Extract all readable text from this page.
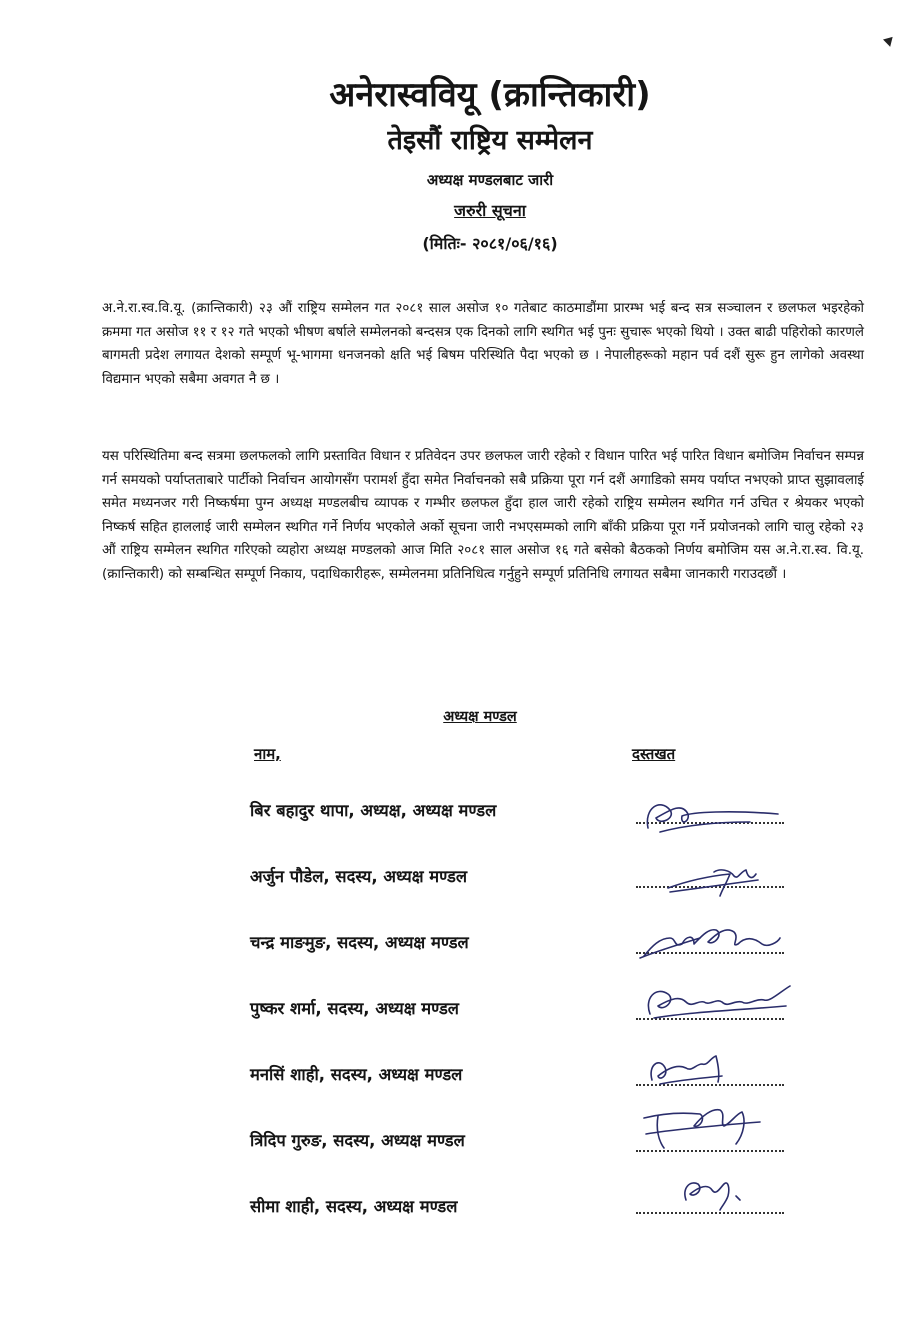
अनेरास्ववियू (क्रान्तिकारी)
तेइसौं राष्ट्रिय सम्मेलन
अध्यक्ष मण्डलबाट जारी
जरुरी सूचना
(मितिः- २०८१/०६/१६)
अ.ने.रा.स्व.वि.यू. (क्रान्तिकारी) २३ औं राष्ट्रिय सम्मेलन गत २०८१ साल असोज १० गतेबाट काठमाडौंमा प्रारम्भ भई बन्द सत्र सञ्चालन र छलफल भइरहेको क्रममा गत असोज ११ र १२ गते भएको भीषण बर्षाले सम्मेलनको बन्दसत्र एक दिनको लागि स्थगित भई पुनः सुचारू भएको थियो । उक्त बाढी पहिरोको कारणले बागमती प्रदेश लगायत देशको सम्पूर्ण भू-भागमा धनजनको क्षति भई बिषम परिस्थिति पैदा भएको छ । नेपालीहरूको महान पर्व दशैं सुरू हुन लागेको अवस्था विद्यमान भएको सबैमा अवगत नै छ ।
यस परिस्थितिमा बन्द सत्रमा छलफलको लागि प्रस्तावित विधान र प्रतिवेदन उपर छलफल जारी रहेको र विधान पारित भई पारित विधान बमोजिम निर्वाचन सम्पन्न गर्न समयको पर्याप्तताबारे पार्टीको निर्वाचन आयोगसँग परामर्श हुँदा समेत निर्वाचनको सबै प्रक्रिया पूरा गर्न दशैं अगाडिको समय पर्याप्त नभएको प्राप्त सुझावलाई समेत मध्यनजर गरी निष्कर्षमा पुग्न अध्यक्ष मण्डलबीच व्यापक र गम्भीर छलफल हुँदा हाल जारी रहेको राष्ट्रिय सम्मेलन स्थगित गर्न उचित र श्रेयकर भएको निष्कर्ष सहित हाललाई जारी सम्मेलन स्थगित गर्ने निर्णय भएकोले अर्को सूचना जारी नभएसम्मको लागि बाँकी प्रक्रिया पूरा गर्ने प्रयोजनको लागि चालु रहेको २३ औं राष्ट्रिय सम्मेलन स्थगित गरिएको व्यहोरा अध्यक्ष मण्डलको आज मिति २०८१ साल असोज १६ गते बसेको बैठकको निर्णय बमोजिम यस अ.ने.रा.स्व. वि.यू. (क्रान्तिकारी) को सम्बन्धित सम्पूर्ण निकाय, पदाधिकारीहरू, सम्मेलनमा प्रतिनिधित्व गर्नुहुने सम्पूर्ण प्रतिनिधि लगायत सबैमा जानकारी गराउदछौं ।
अध्यक्ष मण्डल
नाम,	दस्तखत
बिर बहादुर थापा, अध्यक्ष, अध्यक्ष मण्डल
अर्जुन पौडेल, सदस्य, अध्यक्ष मण्डल
चन्द्र माङमुङ, सदस्य, अध्यक्ष मण्डल
पुष्कर शर्मा, सदस्य, अध्यक्ष मण्डल
मनसिं शाही, सदस्य, अध्यक्ष मण्डल
त्रिदिप गुरुङ, सदस्य, अध्यक्ष मण्डल
सीमा शाही, सदस्य, अध्यक्ष मण्डल
